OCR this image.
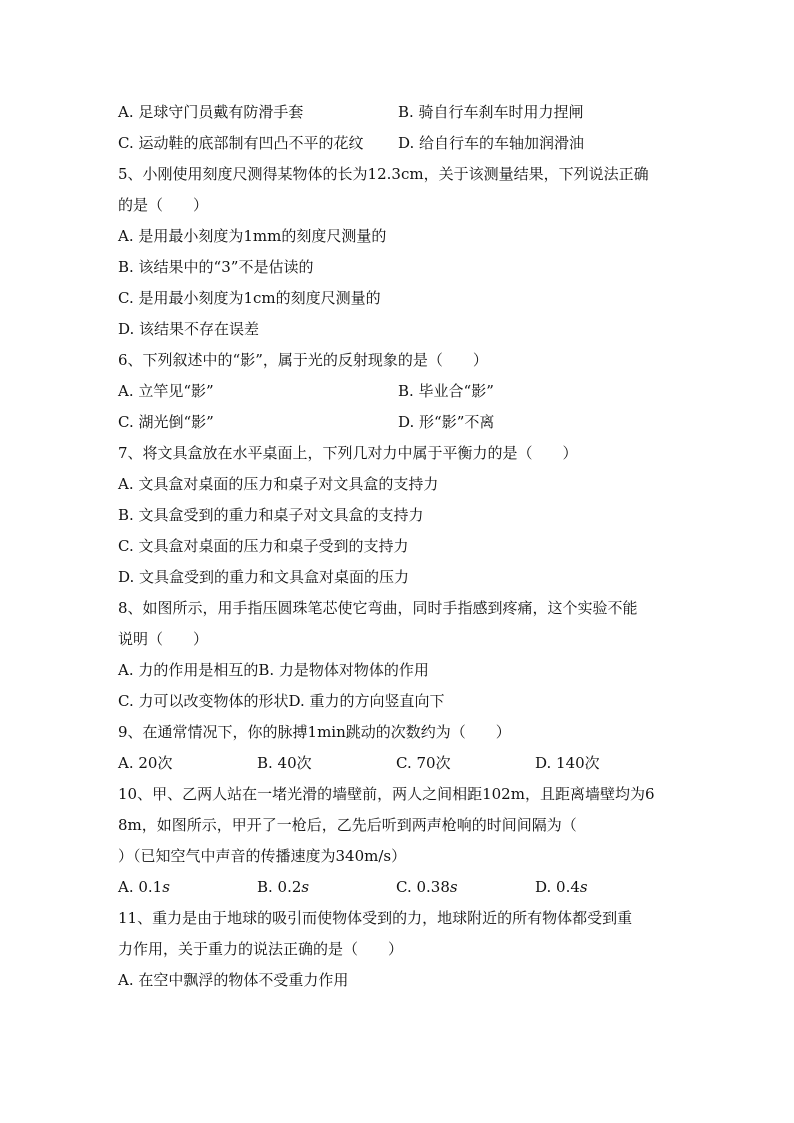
A. 足球守门员戴有防滑手套	B. 骑自行车刹车时用力捏闸
C. 运动鞋的底部制有凹凸不平的花纹	D. 给自行车的车轴加润滑油
5、小刚使用刻度尺测得某物体的长为12.3cm，关于该测量结果，下列说法正确
的是（　　）
A. 是用最小刻度为1mm的刻度尺测量的
B. 该结果中的“3”不是估读的
C. 是用最小刻度为1cm的刻度尺测量的
D. 该结果不存在误差
6、下列叙述中的“影”，属于光的反射现象的是（　　）
A. 立竿见“影”	B. 毕业合“影”
C. 湖光倒“影”	D. 形“影”不离
7、将文具盒放在水平桌面上，下列几对力中属于平衡力的是（　　）
A. 文具盒对桌面的压力和桌子对文具盒的支持力
B. 文具盒受到的重力和桌子对文具盒的支持力
C. 文具盒对桌面的压力和桌子受到的支持力
D. 文具盒受到的重力和文具盒对桌面的压力
8、如图所示，用手指压圆珠笔芯使它弯曲，同时手指感到疼痛，这个实验不能
说明（　　）
A. 力的作用是相互的B. 力是物体对物体的作用
C. 力可以改变物体的形状D. 重力的方向竖直向下
9、在通常情况下，你的脉搏1min跳动的次数约为（　　）
A. 20次	B. 40次	C. 70次	D. 140次
10、甲、乙两人站在一堵光滑的墙壁前，两人之间相距102m，且距离墙壁均为6
8m，如图所示，甲开了一枪后，乙先后听到两声枪响的时间间隔为（
）（已知空气中声音的传播速度为340m/s）
A. 0.1s	B. 0.2s	C. 0.38s	D. 0.4s
11、重力是由于地球的吸引而使物体受到的力，地球附近的所有物体都受到重
力作用，关于重力的说法正确的是（　　）
A. 在空中飘浮的物体不受重力作用
